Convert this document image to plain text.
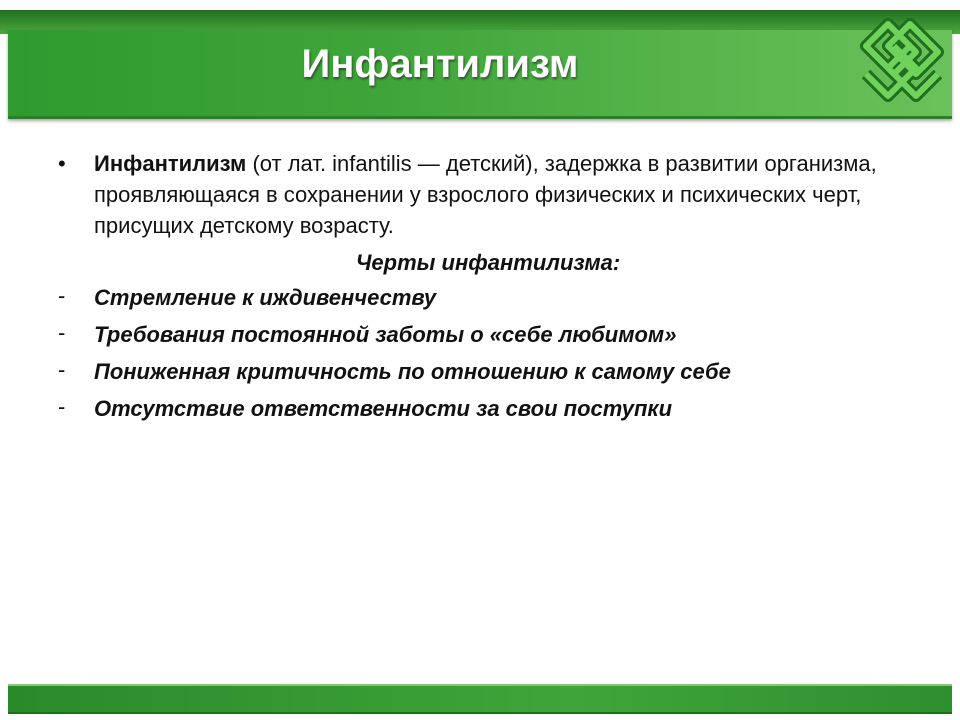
Инфантилизм
•	Инфантилизм (от лат. infantilis — детский), задержка в развитии организма, проявляющаяся в сохранении у взрослого физических и психических черт, присущих детскому возрасту.
Черты инфантилизма:
-	Стремление к иждивенчеству
-	Требования постоянной заботы о «себе любимом»
-	Пониженная критичность по отношению к самому себе
-	Отсутствие ответственности за свои поступки
